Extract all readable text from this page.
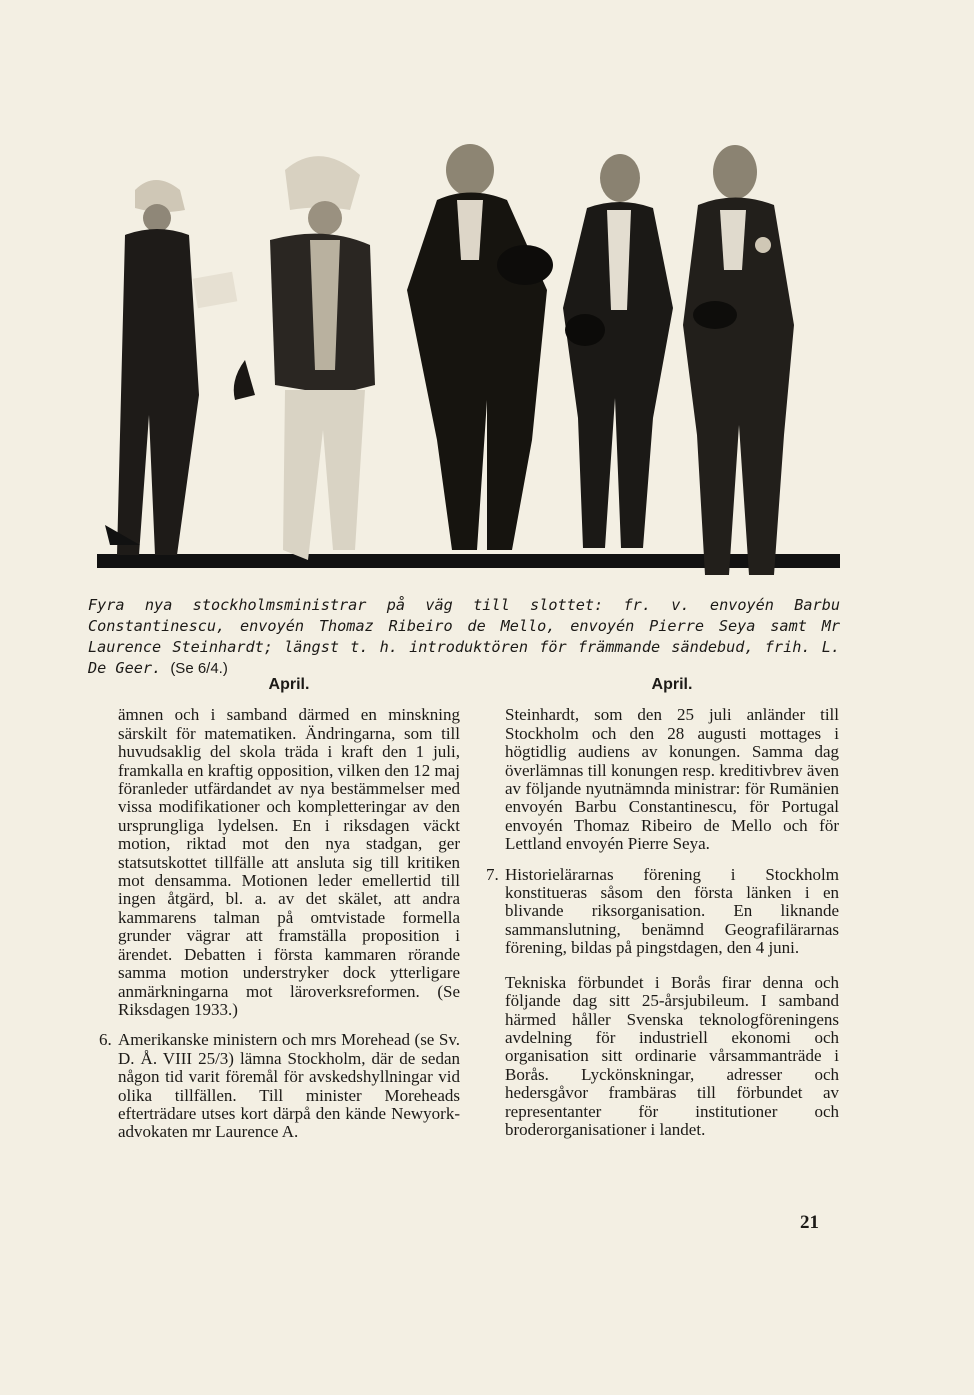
Fyra nya stockholmsministrar på väg till slottet: fr. v. envoyén Barbu Constantinescu, envoyén Thomaz Ribeiro de Mello, envoyén Pierre Seya samt Mr Laurence Steinhardt; längst t. h. introduktören för främmande sändebud, frih. L. De Geer. (Se 6/4.)
April.

ämnen och i samband därmed en minskning särskilt för matematiken. Ändringarna, som till huvudsaklig del skola träda i kraft den 1 juli, framkalla en kraftig opposition, vilken den 12 maj föranleder utfärdandet av nya bestämmelser med vissa modifikationer och kompletteringar av den ursprungliga lydelsen. En i riksdagen väckt motion, riktad mot den nya stadgan, ger statsutskottet tillfälle att ansluta sig till kritiken mot densamma. Motionen leder emellertid till ingen åtgärd, bl. a. av det skälet, att andra kammarens talman på omtvistade formella grunder vägrar att framställa proposition i ärendet. Debatten i första kammaren rörande samma motion understryker dock ytterligare anmärkningarna mot läroverksreformen. (Se Riksdagen 1933.)

6. Amerikanske ministern och mrs Morehead (se Sv. D. Å. VIII 25/3) lämna Stockholm, där de sedan någon tid varit föremål för avskedshyllningar vid olika tillfällen. Till minister Moreheads efterträdare utses kort därpå den kände Newyork-advokaten mr Laurence A.

April.

Steinhardt, som den 25 juli anländer till Stockholm och den 28 augusti mottages i högtidlig audiens av konungen. Samma dag överlämnas till konungen resp. kreditivbrev även av följande nyutnämnda ministrar: för Rumänien envoyén Barbu Constantinescu, för Portugal envoyén Thomaz Ribeiro de Mello och för Lettland envoyén Pierre Seya.

7. Historielärarnas förening i Stockholm konstitueras såsom den första länken i en blivande riksorganisation. En liknande sammanslutning, benämnd Geografilärarnas förening, bildas på pingstdagen, den 4 juni.

Tekniska förbundet i Borås firar denna och följande dag sitt 25-årsjubileum. I samband härmed håller Svenska teknologföreningens avdelning för industriell ekonomi och organisation sitt ordinarie vårsammanträde i Borås. Lyckönskningar, adresser och hedersgåvor frambäras till förbundet av representanter för institutioner och broderorganisationer i landet.

21
